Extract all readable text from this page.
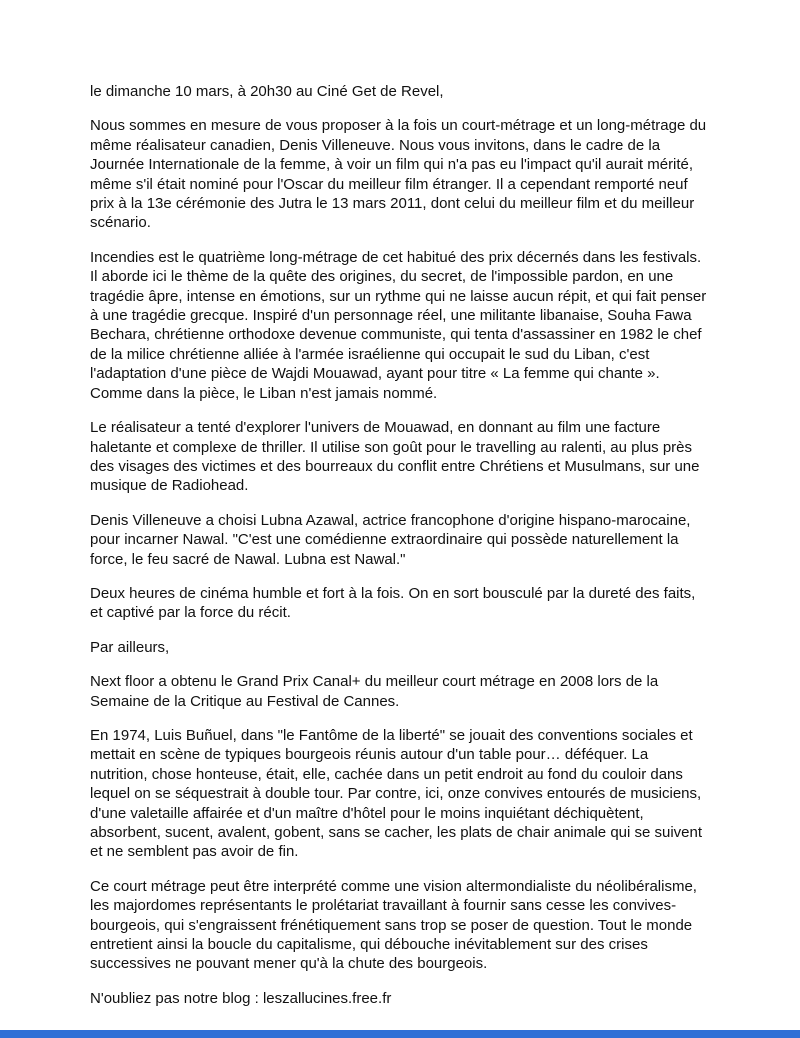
le dimanche 10 mars, à 20h30 au Ciné Get de Revel,

Nous sommes en mesure de vous proposer à la fois un court-métrage et un long-métrage du
même réalisateur canadien, Denis Villeneuve. Nous vous invitons, dans le cadre de la
Journée Internationale de la femme, à voir un film qui n'a pas eu l'impact qu'il aurait mérité,
même s'il était nominé pour l'Oscar du meilleur film étranger. Il a cependant remporté neuf
prix à la 13e cérémonie des Jutra le 13 mars 2011, dont celui du meilleur film et du meilleur
scénario.

Incendies est le quatrième long-métrage de cet habitué des prix décernés dans les festivals.
Il aborde ici le thème de la quête des origines, du secret, de l'impossible pardon, en une
tragédie âpre, intense en émotions, sur un rythme qui ne laisse aucun répit, et qui fait penser
à une tragédie grecque. Inspiré d'un personnage réel, une militante libanaise, Souha Fawa
Bechara, chrétienne orthodoxe devenue communiste, qui tenta d'assassiner en 1982 le chef
de la milice chrétienne alliée à l'armée israélienne qui occupait le sud du Liban, c'est
l'adaptation d'une pièce de Wajdi Mouawad, ayant pour titre « La femme qui chante ».
Comme dans la pièce, le Liban n'est jamais nommé.

Le réalisateur a tenté d'explorer l'univers de Mouawad, en donnant au film une facture
haletante et complexe de thriller. Il utilise son goût pour le travelling au ralenti, au plus près
des visages des victimes et des bourreaux du conflit entre Chrétiens et Musulmans, sur une
musique de Radiohead.

Denis Villeneuve a choisi Lubna Azawal, actrice francophone d'origine hispano-marocaine,
pour incarner Nawal. "C'est une comédienne extraordinaire qui possède naturellement la
force, le feu sacré de Nawal. Lubna est Nawal."

Deux heures de cinéma humble et fort à la fois. On en sort bousculé par la dureté des faits,
et captivé par la force du récit.

Par ailleurs,

Next floor a obtenu le Grand Prix Canal+ du meilleur court métrage en 2008 lors de la
Semaine de la Critique au Festival de Cannes.

En 1974, Luis Buñuel, dans "le Fantôme de la liberté" se jouait des conventions sociales et
mettait en scène de typiques bourgeois réunis autour d'un table pour… déféquer. La
nutrition, chose honteuse, était, elle, cachée dans un petit endroit au fond du couloir dans
lequel on se séquestrait à double tour. Par contre, ici, onze convives entourés de musiciens,
d'une valetaille affairée et d'un maître d'hôtel pour le moins inquiétant déchiquètent,
absorbent, sucent, avalent, gobent, sans se cacher, les plats de chair animale qui se suivent
et ne semblent pas avoir de fin.

Ce court métrage peut être interprété comme une vision altermondialiste du néolibéralisme,
les majordomes représentants le prolétariat travaillant à fournir sans cesse les convives-
bourgeois, qui s'engraissent frénétiquement sans trop se poser de question. Tout le monde
entretient ainsi la boucle du capitalisme, qui débouche inévitablement sur des crises
successives ne pouvant mener qu'à la chute des bourgeois.

N'oubliez pas notre blog : leszallucines.free.fr
